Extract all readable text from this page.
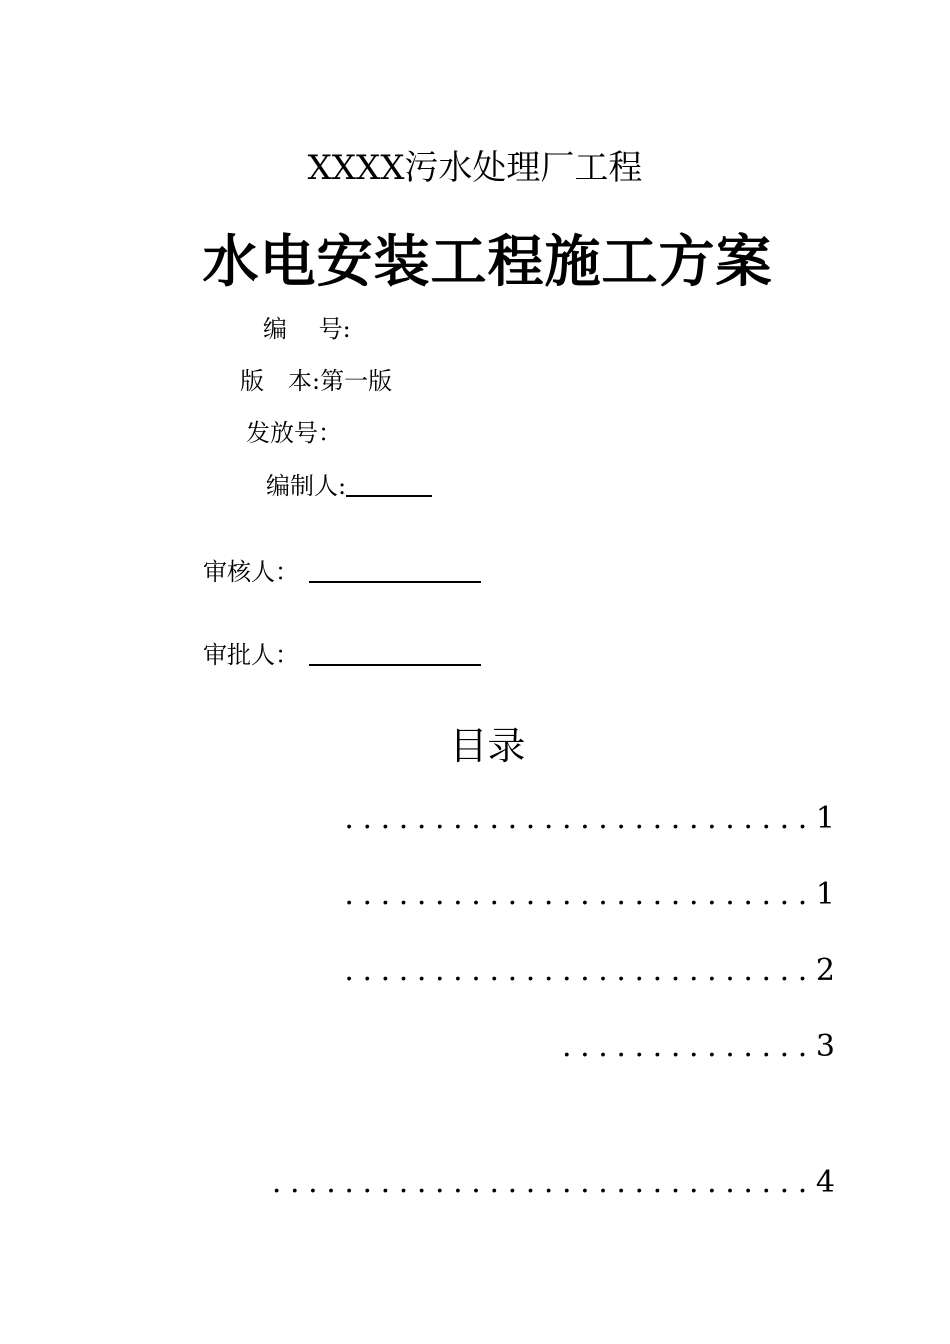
XXXX污水处理厂工程
水电安装工程施工方案
编　 号:
版　本:第一版
发放号：
编制人:
审核人：
审批人：
目录
..........................1
..........................1
..........................2
..............3
..............................4
